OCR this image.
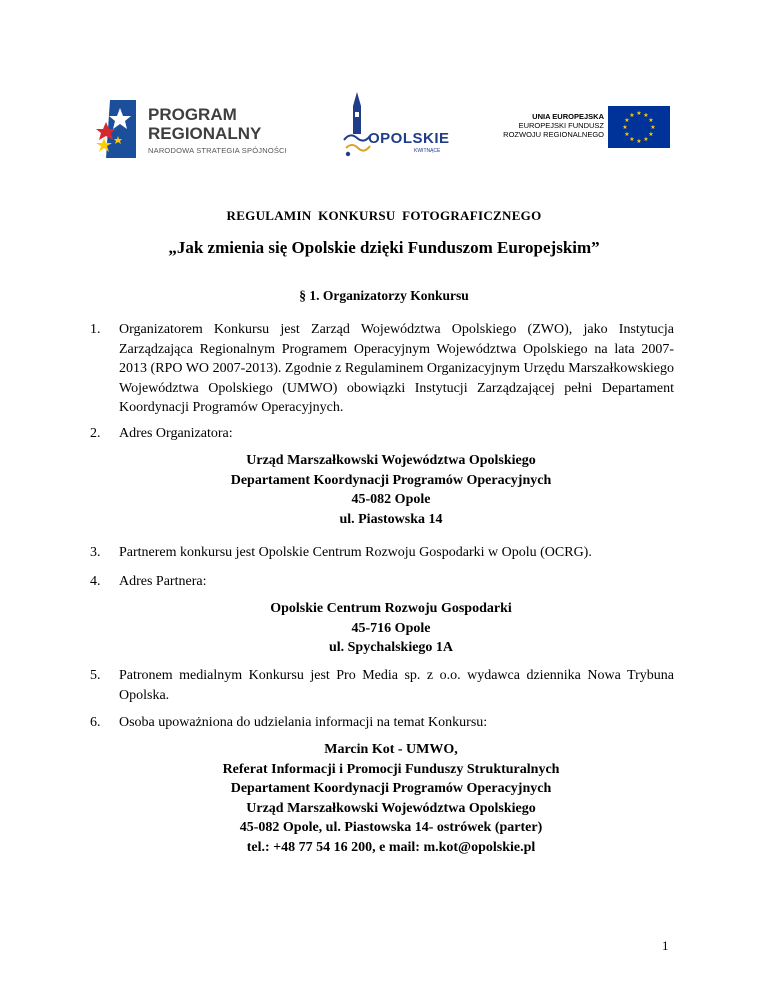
PROGRAM
REGIONALNY
NARODOWA STRATEGIA SPÓJNOŚCI
OPOLSKIE
KWITNĄCE
UNIA EUROPEJSKA
EUROPEJSKI FUNDUSZ
ROZWOJU REGIONALNEGO
★ ★
★
★
★
★
★
★
★
★
★
★
REGULAMIN KONKURSU FOTOGRAFICZNEGO
„Jak zmienia się Opolskie dzięki Funduszom Europejskim”
§ 1. Organizatorzy Konkursu
1.	Organizatorem Konkursu jest Zarząd Województwa Opolskiego (ZWO), jako Instytucja Zarządzająca Regionalnym Programem Operacyjnym Województwa Opolskiego na lata 2007-2013 (RPO WO 2007-2013). Zgodnie z Regulaminem Organizacyjnym Urzędu Marszałkowskiego Województwa Opolskiego (UMWO) obowiązki Instytucji Zarządzającej pełni Departament Koordynacji Programów Operacyjnych.
2.	Adres Organizatora:
Urząd Marszałkowski Województwa Opolskiego
Departament Koordynacji Programów Operacyjnych
45-082 Opole
ul. Piastowska 14
3.	Partnerem konkursu jest Opolskie Centrum Rozwoju Gospodarki w Opolu (OCRG).
4.	Adres Partnera:
Opolskie Centrum Rozwoju Gospodarki
45-716 Opole
ul. Spychalskiego 1A
5.	Patronem medialnym Konkursu jest Pro Media sp. z o.o. wydawca dziennika Nowa Trybuna Opolska.
6.	Osoba upoważniona do udzielania informacji na temat Konkursu:
Marcin Kot - UMWO,
Referat Informacji i Promocji Funduszy Strukturalnych
Departament Koordynacji Programów Operacyjnych
Urząd Marszałkowski Województwa Opolskiego
45-082 Opole, ul. Piastowska 14- ostrówek (parter)
tel.: +48 77 54 16 200, e mail: m.kot@opolskie.pl
1
